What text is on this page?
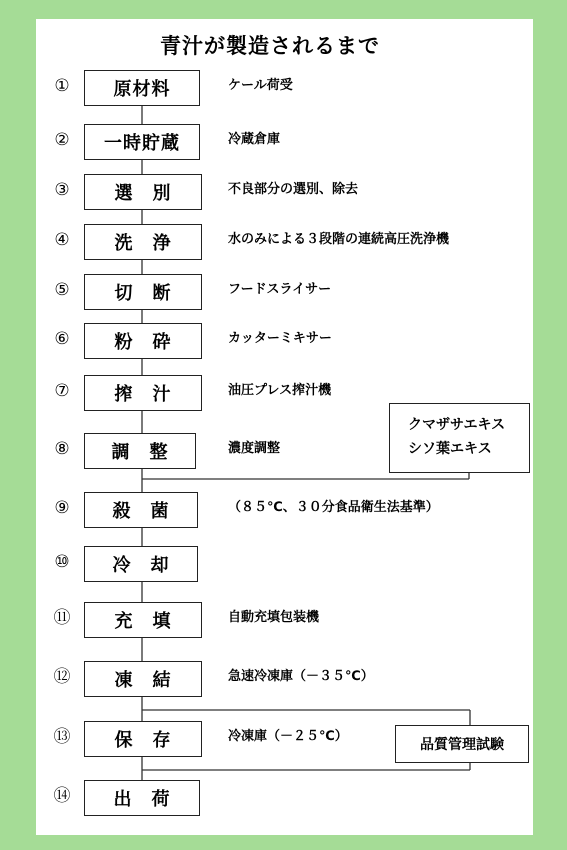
青汁が製造されるまで
①	原材料	ケール荷受
②	一時貯蔵	冷蔵倉庫
③	選　別	不良部分の選別、除去
④	洗　浄	水のみによる３段階の連続高圧洗浄機
⑤	切　断	フードスライサー
⑥	粉　砕	カッターミキサー
⑦	搾　汁	油圧プレス搾汁機
⑧	調　整	濃度調整
⑨	殺　菌	（８５℃、３０分食品衛生法基準）
⑩	冷　却
⑪	充　填	自動充填包装機
⑫	凍　結	急速冷凍庫（－３５℃）
⑬	保　存	冷凍庫（－２５℃）
⑭	出　荷
クマザサエキス
シソ葉エキス
品質管理試験
